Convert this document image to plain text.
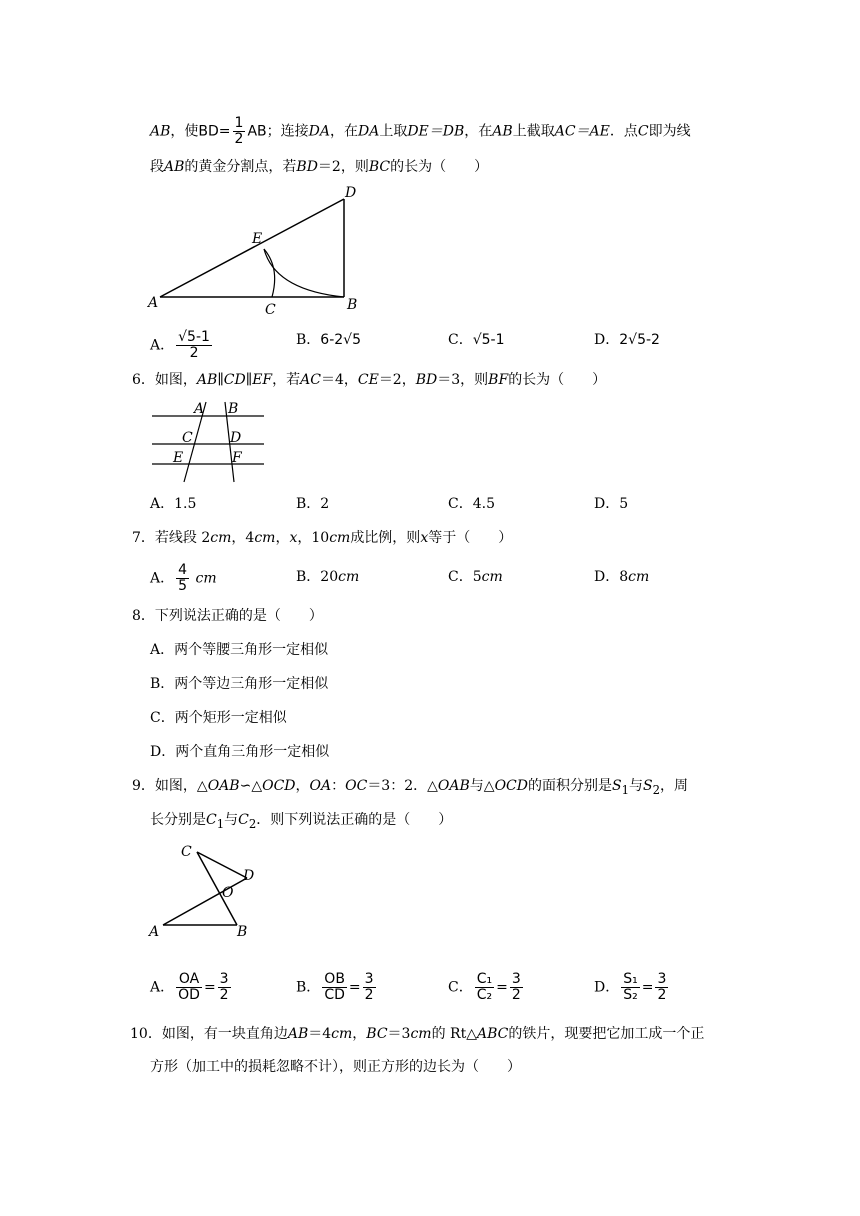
AB，使$BD= \frac{1}{2}$ AB；连接DA，在DA上取DE＝DB，在AB上截取AC＝AE．点C即为线
段AB的黄金分割点，若BD＝2，则BC的长为（　　）
A	B
C
D
E
A． $\frac{√5-1}{2}$	B．6-2√5	C．√5-1	D．2√5-2
6．如图，AB∥CD∥EF，若AC＝4，CE＝2，BD＝3，则BF的长为（　　）
A B
C	D
E	F
A．1.5	B．2	C．4.5	D．5
7．若线段 2cm，4cm，x，10cm成比例，则x等于（　　）
A． $\frac{4}{5}$ cm	B．20cm	C．5cm	D．8cm
8．下列说法正确的是（　　）
A．两个等腰三角形一定相似
B．两个等边三角形一定相似
C．两个矩形一定相似
D．两个直角三角形一定相似
9．如图，△OAB∽△OCD，OA：OC＝3：2．△OAB与△OCD的面积分别是$S_1$与$S_2$，周
长分别是$C_1$与$C_2$．则下列说法正确的是（　　）
C
D
O
A	B
A． $\frac{OA}{OD} = \frac{3}{2}$	B． $\frac{OB}{CD} = \frac{3}{2}$	C． $\frac{\text{C₁}}{\text{C₂}} = \frac{3}{2}$	D． $\frac{\text{S₁}}{\text{S₂}} = \frac{3}{2}$
10．如图，有一块直角边AB＝4cm，BC＝3cm的 Rt△ABC的铁片，现要把它加工成一个正
方形（加工中的损耗忽略不计），则正方形的边长为（　　）
